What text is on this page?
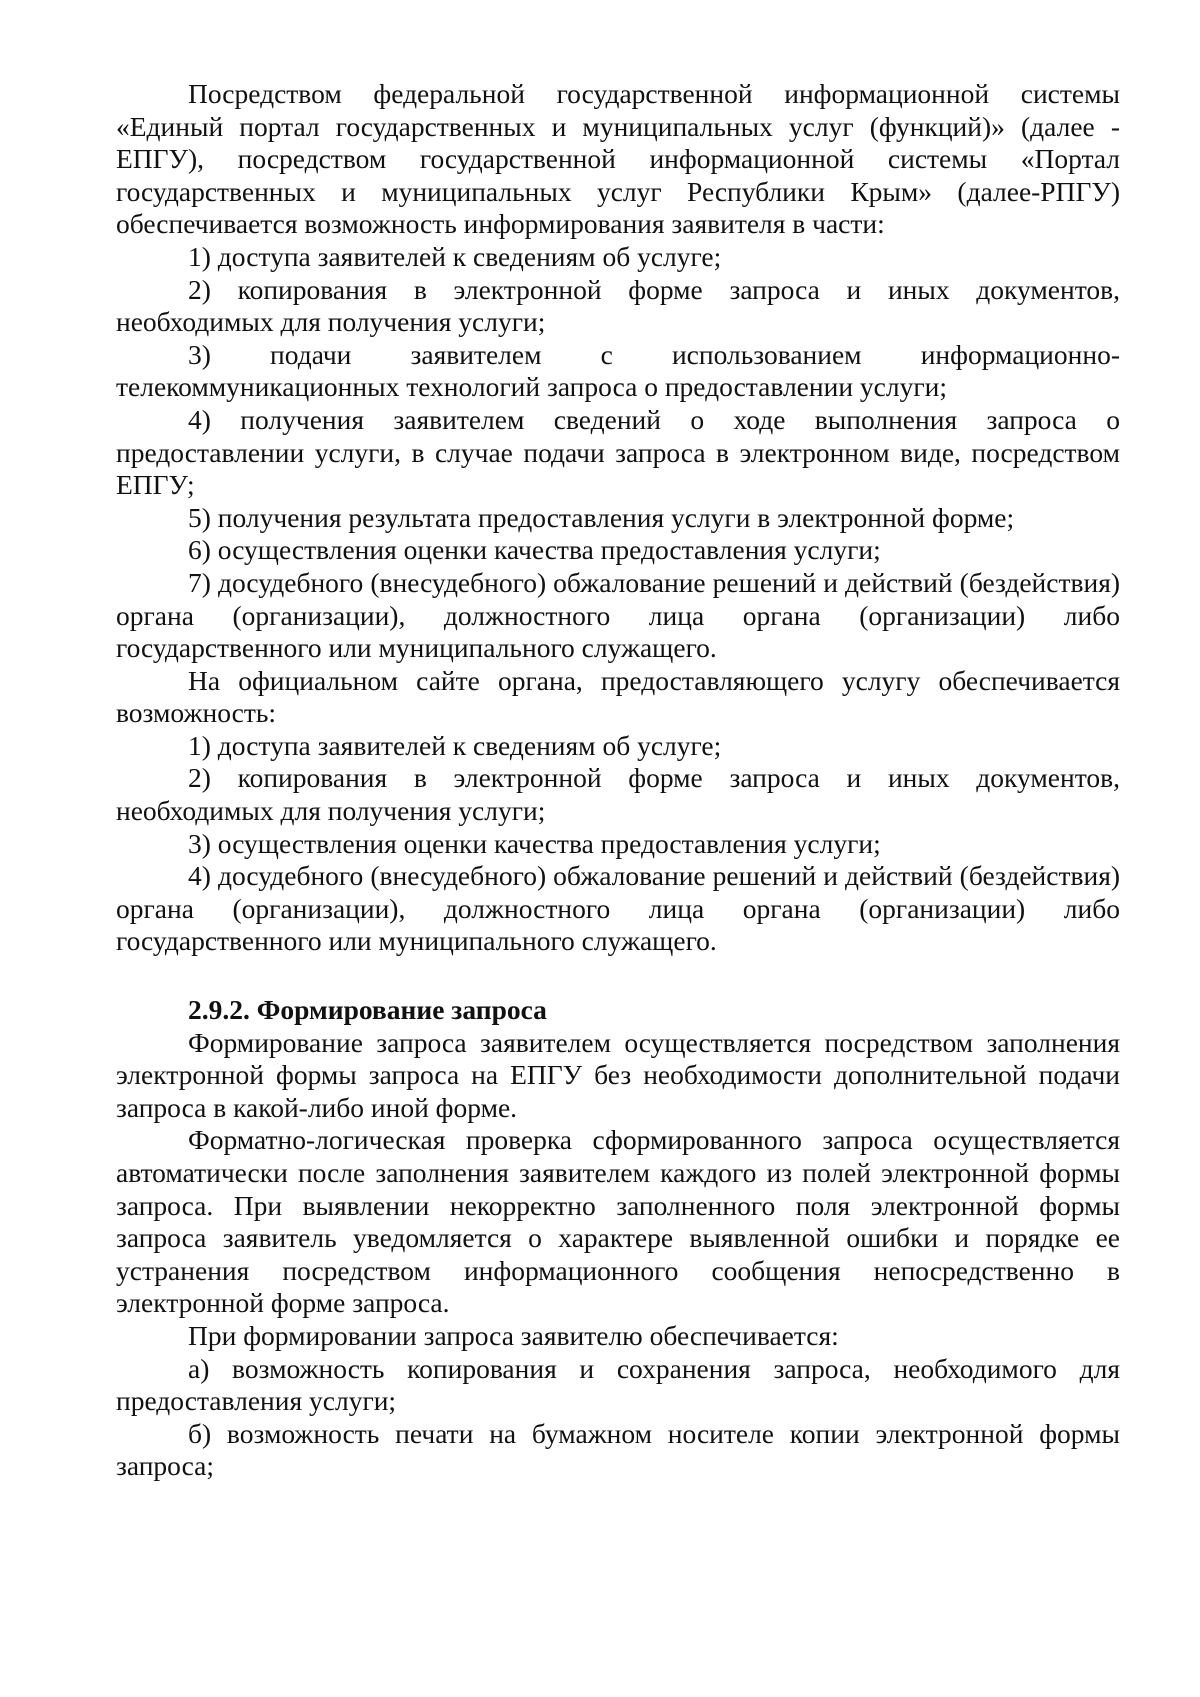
Посредством федеральной государственной информационной системы «Единый портал государственных и муниципальных услуг (функций)» (далее - ЕПГУ), посредством государственной информационной системы «Портал государственных и муниципальных услуг Республики Крым» (далее-РПГУ) обеспечивается возможность информирования заявителя в части:

1) доступа заявителей к сведениям об услуге;

2) копирования в электронной форме запроса и иных документов, необходимых для получения услуги;

3) подачи заявителем с использованием информационно-телекоммуникационных технологий запроса о предоставлении услуги;

4) получения заявителем сведений о ходе выполнения запроса о предоставлении услуги, в случае подачи запроса в электронном виде, посредством ЕПГУ;

5) получения результата предоставления услуги в электронной форме;

6) осуществления оценки качества предоставления услуги;

7) досудебного (внесудебного) обжалование решений и действий (бездействия) органа (организации), должностного лица органа (организации) либо государственного или муниципального служащего.

На официальном сайте органа, предоставляющего услугу обеспечивается возможность:

1) доступа заявителей к сведениям об услуге;

2) копирования в электронной форме запроса и иных документов, необходимых для получения услуги;

3) осуществления оценки качества предоставления услуги;

4) досудебного (внесудебного) обжалование решений и действий (бездействия) органа (организации), должностного лица органа (организации) либо государственного или муниципального служащего.

2.9.2. Формирование запроса

Формирование запроса заявителем осуществляется посредством заполнения электронной формы запроса на ЕПГУ без необходимости дополнительной подачи запроса в какой-либо иной форме.

Форматно-логическая проверка сформированного запроса осуществляется автоматически после заполнения заявителем каждого из полей электронной формы запроса. При выявлении некорректно заполненного поля электронной формы запроса заявитель уведомляется о характере выявленной ошибки и порядке ее устранения посредством информационного сообщения непосредственно в электронной форме запроса.

При формировании запроса заявителю обеспечивается:

а) возможность копирования и сохранения запроса, необходимого для предоставления услуги;

б) возможность печати на бумажном носителе копии электронной формы запроса;
